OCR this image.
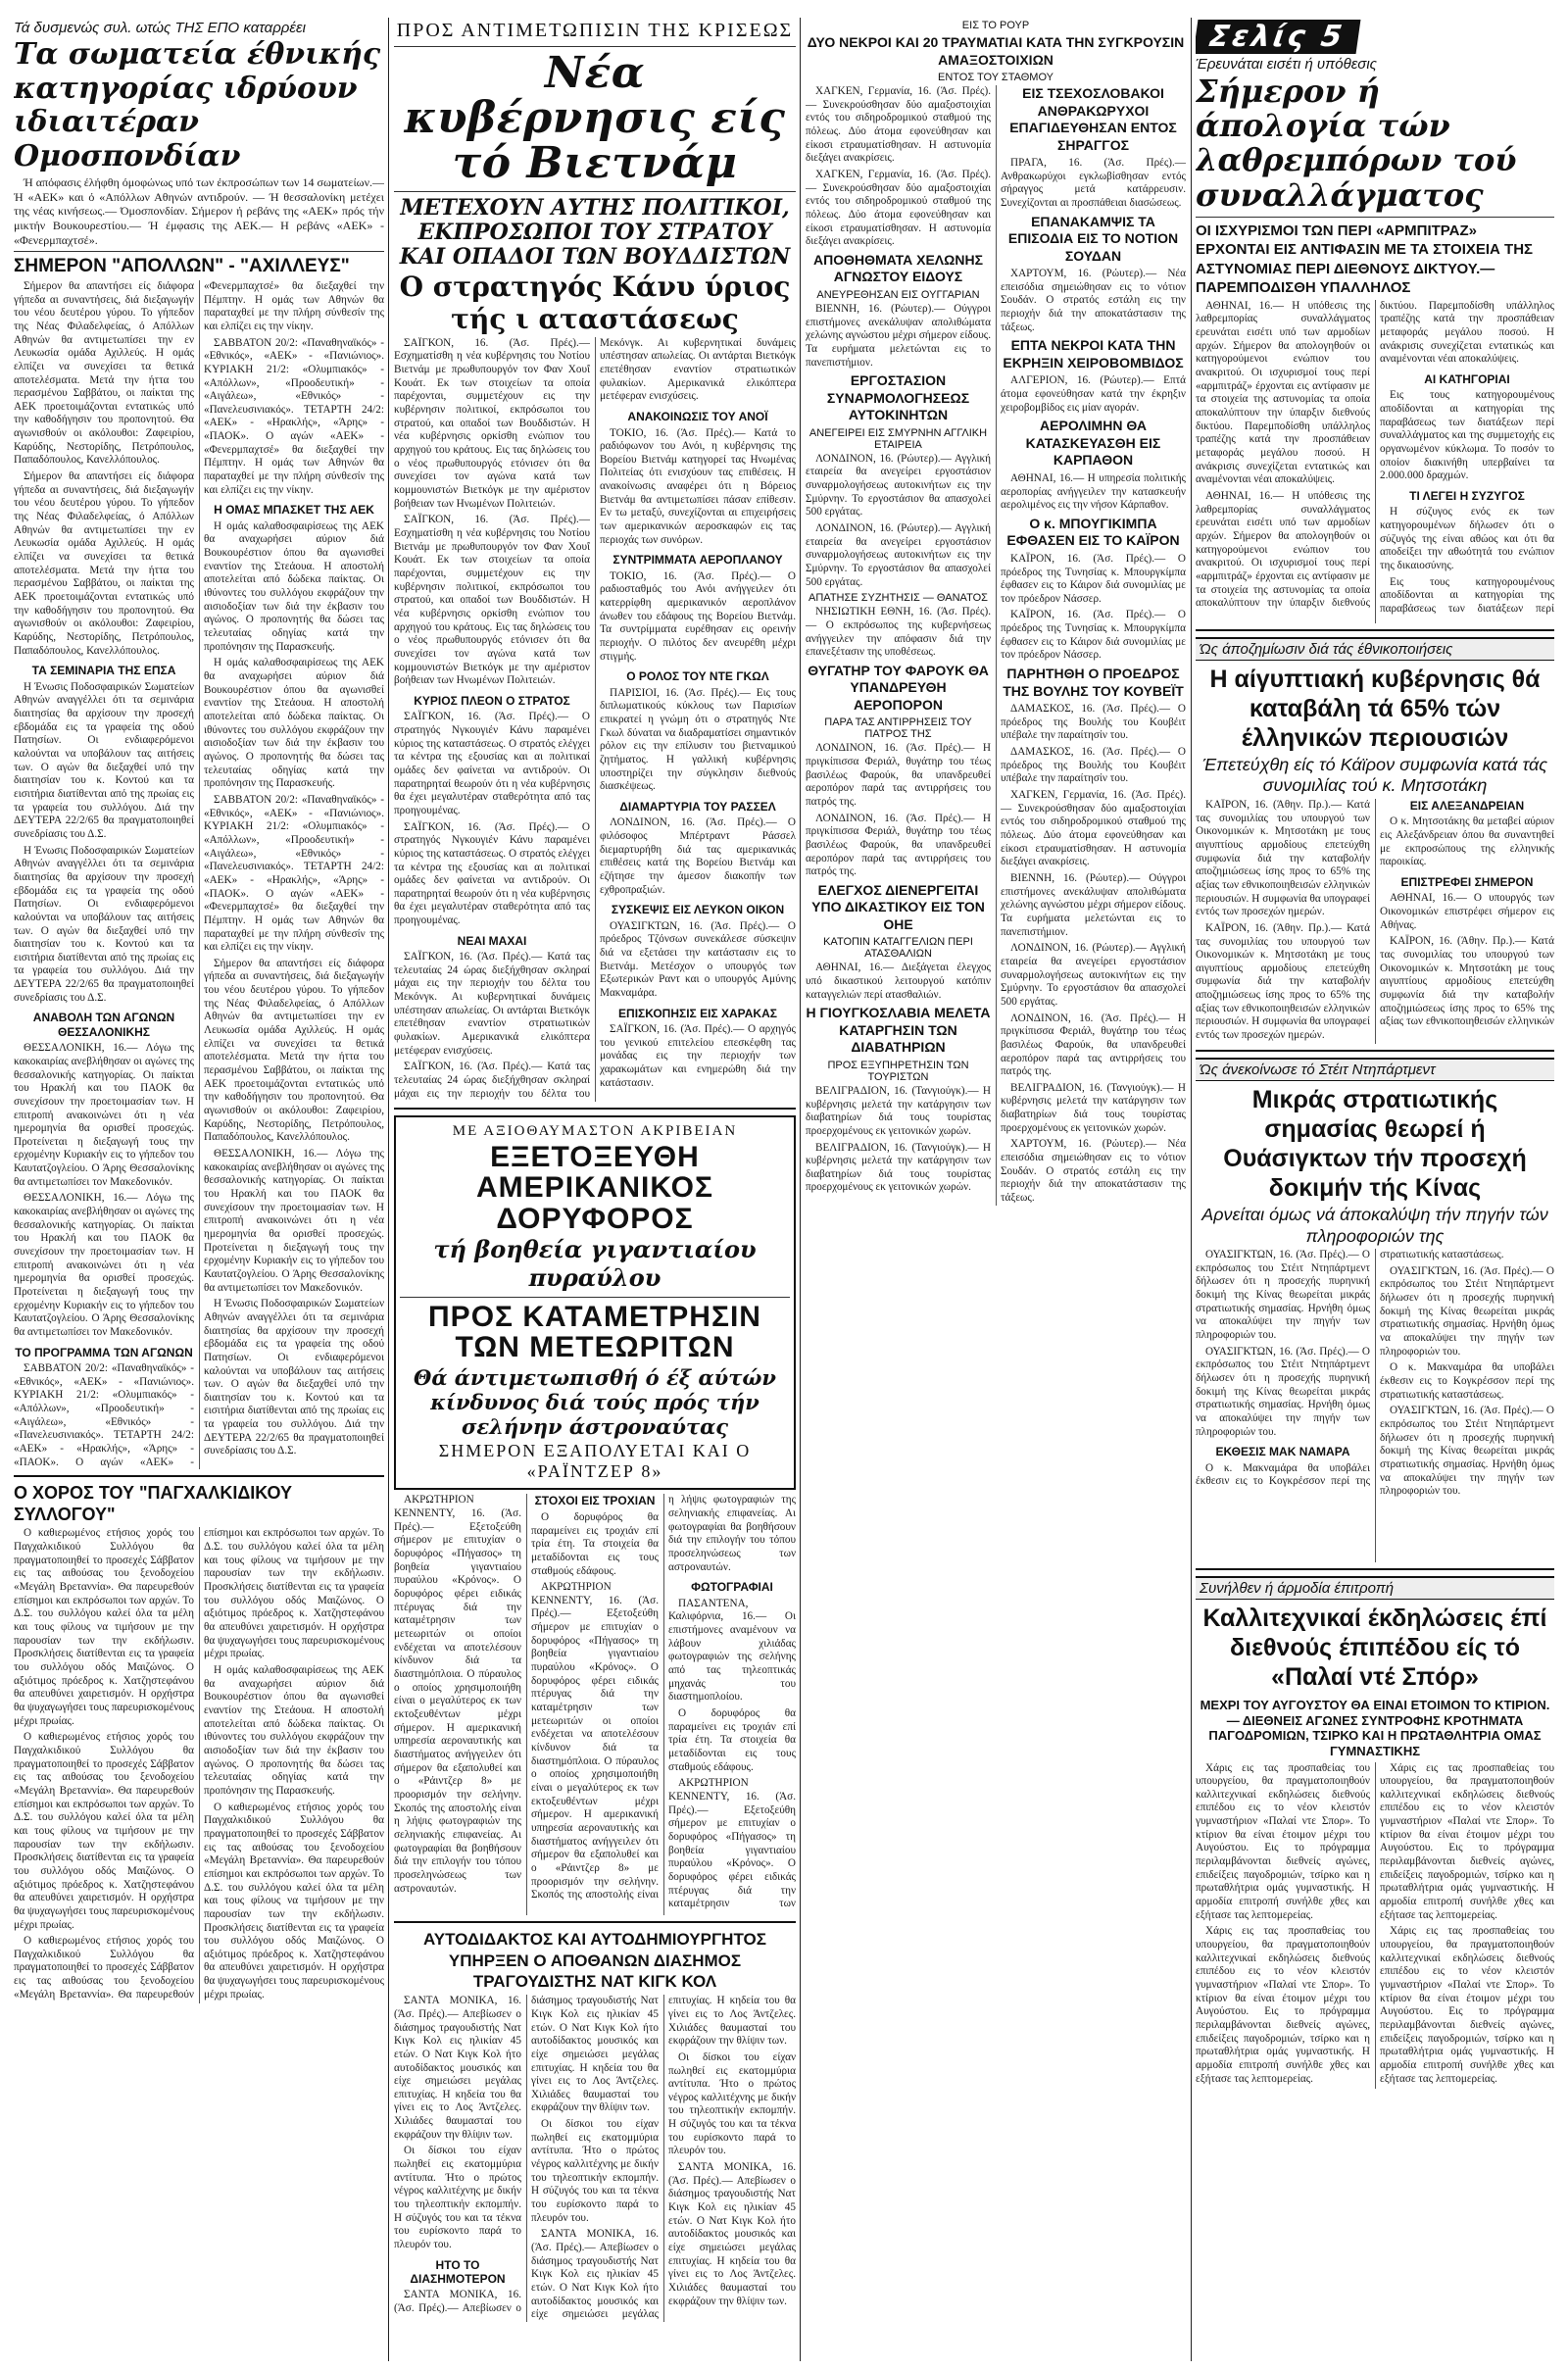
Τά δυσμενώς συλ. ωτώς ΤΗΣ ΕΠΟ καταρρέει
Τα σωματεία έθνικής κατηγορίας ιδρύουν ιδιαιτέραν Ομοσπονδίαν

Ή απόφασις έλήφθη όμοφώνως υπό των έκπροσώπων των 14 σωματείων.— Ή «ΑΕΚ» και ό «Απόλλων Αθηνών αντιδρούν. — Ή θεσσαλονίκη μετέχει της νέας κινήσεως.— Όμοσπονδίαν. Σήμερον ή ρεβάνς της «ΑΕΚ» πρός τήν μικτήν Βουκουρεστίου.— Ή έμφασις της ΑΕΚ.— Η ρεβάνς «ΑΕΚ» - «Φενερμπαχτσέ».

ΣΗΜΕΡΟΝ "ΑΠΟΛΛΩΝ" - "ΑΧΙΛΛΕΥΣ"

Σήμερον θα απαντήσει είς διάφορα γήπεδα αι συναντήσεις, διά διεξαγωγήν του νέου δευτέρου γύρου. Το γήπεδον της Νέας Φιλαδελφείας, ό Απόλλων Αθηνών θα αντιμετωπίσει την εν Λευκωσία ομάδα Αχιλλεύς. Η ομάς ελπίζει να συνεχίσει τα θετικά αποτελέσματα. Μετά την ήττα του περασμένου Σαββάτου, οι παίκται της ΑΕΚ προετοιμάζονται εντατικώς υπό την καθοδήγησιν του προπονητού. Θα αγωνισθούν οι ακόλουθοι: Ζαφειρίου, Καρύδης, Νεστορίδης, Πετρόπουλος, Παπαδόπουλος, Κανελλόπουλος.

Σήμερον θα απαντήσει είς διάφορα γήπεδα αι συναντήσεις, διά διεξαγωγήν του νέου δευτέρου γύρου. Το γήπεδον της Νέας Φιλαδελφείας, ό Απόλλων Αθηνών θα αντιμετωπίσει την εν Λευκωσία ομάδα Αχιλλεύς. Η ομάς ελπίζει να συνεχίσει τα θετικά αποτελέσματα. Μετά την ήττα του περασμένου Σαββάτου, οι παίκται της ΑΕΚ προετοιμάζονται εντατικώς υπό την καθοδήγησιν του προπονητού. Θα αγωνισθούν οι ακόλουθοι: Ζαφειρίου, Καρύδης, Νεστορίδης, Πετρόπουλος, Παπαδόπουλος, Κανελλόπουλος.

ΤΑ ΣΕΜΙΝΑΡΙΑ ΤΗΣ ΕΠΣΑ

Η Ένωσις Ποδοσφαιρικών Σωματείων Αθηνών αναγγέλλει ότι τα σεμινάρια διαιτησίας θα αρχίσουν την προσεχή εβδομάδα εις τα γραφεία της οδού Πατησίων. Οι ενδιαφερόμενοι καλούνται να υποβάλουν τας αιτήσεις των. Ο αγών θα διεξαχθεί υπό την διαιτησίαν του κ. Κοντού και τα εισιτήρια διατίθενται από της πρωίας εις τα γραφεία του συλλόγου. Διά την ΔΕΥΤΕΡΑ 22/2/65 θα πραγματοποιηθεί συνεδρίασις του Δ.Σ.

Η Ένωσις Ποδοσφαιρικών Σωματείων Αθηνών αναγγέλλει ότι τα σεμινάρια διαιτησίας θα αρχίσουν την προσεχή εβδομάδα εις τα γραφεία της οδού Πατησίων. Οι ενδιαφερόμενοι καλούνται να υποβάλουν τας αιτήσεις των. Ο αγών θα διεξαχθεί υπό την διαιτησίαν του κ. Κοντού και τα εισιτήρια διατίθενται από της πρωίας εις τα γραφεία του συλλόγου. Διά την ΔΕΥΤΕΡΑ 22/2/65 θα πραγματοποιηθεί συνεδρίασις του Δ.Σ.

ΑΝΑΒΟΛΗ ΤΩΝ ΑΓΩΝΩΝ ΘΕΣΣΑΛΟΝΙΚΗΣ

ΘΕΣΣΑΛΟΝΙΚΗ, 16.— Λόγω της κακοκαιρίας ανεβλήθησαν οι αγώνες της θεσσαλονικής κατηγορίας. Οι παίκται του Ηρακλή και του ΠΑΟΚ θα συνεχίσουν την προετοιμασίαν των. Η επιτροπή ανακοινώνει ότι η νέα ημερομηνία θα ορισθεί προσεχώς. Προτείνεται η διεξαγωγή τους την ερχομένην Κυριακήν εις το γήπεδον του Καυτατζογλείου. Ο Άρης Θεσσαλονίκης θα αντιμετωπίσει τον Μακεδονικόν.

ΘΕΣΣΑΛΟΝΙΚΗ, 16.— Λόγω της κακοκαιρίας ανεβλήθησαν οι αγώνες της θεσσαλονικής κατηγορίας. Οι παίκται του Ηρακλή και του ΠΑΟΚ θα συνεχίσουν την προετοιμασίαν των. Η επιτροπή ανακοινώνει ότι η νέα ημερομηνία θα ορισθεί προσεχώς. Προτείνεται η διεξαγωγή τους την ερχομένην Κυριακήν εις το γήπεδον του Καυτατζογλείου. Ο Άρης Θεσσαλονίκης θα αντιμετωπίσει τον Μακεδονικόν.

ΤΟ ΠΡΟΓΡΑΜΜΑ ΤΩΝ ΑΓΩΝΩΝ

ΣΑΒΒΑΤΟΝ 20/2: «Παναθηναϊκός» - «Εθνικός», «ΑΕΚ» - «Πανιώνιος». ΚΥΡΙΑΚΗ 21/2: «Ολυμπιακός» - «Απόλλων», «Προοδευτική» - «Αιγάλεω», «Εθνικός» - «Πανελευσινιακός». ΤΕΤΑΡΤΗ 24/2: «ΑΕΚ» - «Ηρακλής», «Άρης» - «ΠΑΟΚ». Ο αγών «ΑΕΚ» - «Φενερμπαχτσέ» θα διεξαχθεί την Πέμπτην. Η ομάς των Αθηνών θα παραταχθεί με την πλήρη σύνθεσίν της και ελπίζει εις την νίκην.

ΣΑΒΒΑΤΟΝ 20/2: «Παναθηναϊκός» - «Εθνικός», «ΑΕΚ» - «Πανιώνιος». ΚΥΡΙΑΚΗ 21/2: «Ολυμπιακός» - «Απόλλων», «Προοδευτική» - «Αιγάλεω», «Εθνικός» - «Πανελευσινιακός». ΤΕΤΑΡΤΗ 24/2: «ΑΕΚ» - «Ηρακλής», «Άρης» - «ΠΑΟΚ». Ο αγών «ΑΕΚ» - «Φενερμπαχτσέ» θα διεξαχθεί την Πέμπτην. Η ομάς των Αθηνών θα παραταχθεί με την πλήρη σύνθεσίν της και ελπίζει εις την νίκην.

Η ΟΜΑΣ ΜΠΑΣΚΕΤ ΤΗΣ ΑΕΚ

Η ομάς καλαθοσφαιρίσεως της ΑΕΚ θα αναχωρήσει αύριον διά Βουκουρέστιον όπου θα αγωνισθεί εναντίον της Στεάουα. Η αποστολή αποτελείται από δώδεκα παίκτας. Οι ιθύνοντες του συλλόγου εκφράζουν την αισιοδοξίαν των διά την έκβασιν του αγώνος. Ο προπονητής θα δώσει τας τελευταίας οδηγίας κατά την προπόνησιν της Παρασκευής.

Η ομάς καλαθοσφαιρίσεως της ΑΕΚ θα αναχωρήσει αύριον διά Βουκουρέστιον όπου θα αγωνισθεί εναντίον της Στεάουα. Η αποστολή αποτελείται από δώδεκα παίκτας. Οι ιθύνοντες του συλλόγου εκφράζουν την αισιοδοξίαν των διά την έκβασιν του αγώνος. Ο προπονητής θα δώσει τας τελευταίας οδηγίας κατά την προπόνησιν της Παρασκευής.

ΣΑΒΒΑΤΟΝ 20/2: «Παναθηναϊκός» - «Εθνικός», «ΑΕΚ» - «Πανιώνιος». ΚΥΡΙΑΚΗ 21/2: «Ολυμπιακός» - «Απόλλων», «Προοδευτική» - «Αιγάλεω», «Εθνικός» - «Πανελευσινιακός». ΤΕΤΑΡΤΗ 24/2: «ΑΕΚ» - «Ηρακλής», «Άρης» - «ΠΑΟΚ». Ο αγών «ΑΕΚ» - «Φενερμπαχτσέ» θα διεξαχθεί την Πέμπτην. Η ομάς των Αθηνών θα παραταχθεί με την πλήρη σύνθεσίν της και ελπίζει εις την νίκην.

Σήμερον θα απαντήσει είς διάφορα γήπεδα αι συναντήσεις, διά διεξαγωγήν του νέου δευτέρου γύρου. Το γήπεδον της Νέας Φιλαδελφείας, ό Απόλλων Αθηνών θα αντιμετωπίσει την εν Λευκωσία ομάδα Αχιλλεύς. Η ομάς ελπίζει να συνεχίσει τα θετικά αποτελέσματα. Μετά την ήττα του περασμένου Σαββάτου, οι παίκται της ΑΕΚ προετοιμάζονται εντατικώς υπό την καθοδήγησιν του προπονητού. Θα αγωνισθούν οι ακόλουθοι: Ζαφειρίου, Καρύδης, Νεστορίδης, Πετρόπουλος, Παπαδόπουλος, Κανελλόπουλος.

ΘΕΣΣΑΛΟΝΙΚΗ, 16.— Λόγω της κακοκαιρίας ανεβλήθησαν οι αγώνες της θεσσαλονικής κατηγορίας. Οι παίκται του Ηρακλή και του ΠΑΟΚ θα συνεχίσουν την προετοιμασίαν των. Η επιτροπή ανακοινώνει ότι η νέα ημερομηνία θα ορισθεί προσεχώς. Προτείνεται η διεξαγωγή τους την ερχομένην Κυριακήν εις το γήπεδον του Καυτατζογλείου. Ο Άρης Θεσσαλονίκης θα αντιμετωπίσει τον Μακεδονικόν.

Η Ένωσις Ποδοσφαιρικών Σωματείων Αθηνών αναγγέλλει ότι τα σεμινάρια διαιτησίας θα αρχίσουν την προσεχή εβδομάδα εις τα γραφεία της οδού Πατησίων. Οι ενδιαφερόμενοι καλούνται να υποβάλουν τας αιτήσεις των. Ο αγών θα διεξαχθεί υπό την διαιτησίαν του κ. Κοντού και τα εισιτήρια διατίθενται από της πρωίας εις τα γραφεία του συλλόγου. Διά την ΔΕΥΤΕΡΑ 22/2/65 θα πραγματοποιηθεί συνεδρίασις του Δ.Σ.

Ο ΧΟΡΟΣ ΤΟΥ "ΠΑΓΧΑΛΚΙΔΙΚΟΥ ΣΥΛΛΟΓΟΥ"

Ο καθιερωμένος ετήσιος χορός του Παγχαλκιδικού Συλλόγου θα πραγματοποιηθεί το προσεχές Σάββατον εις τας αιθούσας του ξενοδοχείου «Μεγάλη Βρεταννία». Θα παρευρεθούν επίσημοι και εκπρόσωποι των αρχών. Το Δ.Σ. του συλλόγου καλεί όλα τα μέλη και τους φίλους να τιμήσουν με την παρουσίαν των την εκδήλωσιν. Προσκλήσεις διατίθενται εις τα γραφεία του συλλόγου οδός Μαιζώνος. Ο αξιότιμος πρόεδρος κ. Χατζηστεφάνου θα απευθύνει χαιρετισμόν. Η ορχήστρα θα ψυχαγωγήσει τους παρευρισκομένους μέχρι πρωίας.

Ο καθιερωμένος ετήσιος χορός του Παγχαλκιδικού Συλλόγου θα πραγματοποιηθεί το προσεχές Σάββατον εις τας αιθούσας του ξενοδοχείου «Μεγάλη Βρεταννία». Θα παρευρεθούν επίσημοι και εκπρόσωποι των αρχών. Το Δ.Σ. του συλλόγου καλεί όλα τα μέλη και τους φίλους να τιμήσουν με την παρουσίαν των την εκδήλωσιν. Προσκλήσεις διατίθενται εις τα γραφεία του συλλόγου οδός Μαιζώνος. Ο αξιότιμος πρόεδρος κ. Χατζηστεφάνου θα απευθύνει χαιρετισμόν. Η ορχήστρα θα ψυχαγωγήσει τους παρευρισκομένους μέχρι πρωίας.

Ο καθιερωμένος ετήσιος χορός του Παγχαλκιδικού Συλλόγου θα πραγματοποιηθεί το προσεχές Σάββατον εις τας αιθούσας του ξενοδοχείου «Μεγάλη Βρεταννία». Θα παρευρεθούν επίσημοι και εκπρόσωποι των αρχών. Το Δ.Σ. του συλλόγου καλεί όλα τα μέλη και τους φίλους να τιμήσουν με την παρουσίαν των την εκδήλωσιν. Προσκλήσεις διατίθενται εις τα γραφεία του συλλόγου οδός Μαιζώνος. Ο αξιότιμος πρόεδρος κ. Χατζηστεφάνου θα απευθύνει χαιρετισμόν. Η ορχήστρα θα ψυχαγωγήσει τους παρευρισκομένους μέχρι πρωίας.

Η ομάς καλαθοσφαιρίσεως της ΑΕΚ θα αναχωρήσει αύριον διά Βουκουρέστιον όπου θα αγωνισθεί εναντίον της Στεάουα. Η αποστολή αποτελείται από δώδεκα παίκτας. Οι ιθύνοντες του συλλόγου εκφράζουν την αισιοδοξίαν των διά την έκβασιν του αγώνος. Ο προπονητής θα δώσει τας τελευταίας οδηγίας κατά την προπόνησιν της Παρασκευής.

Ο καθιερωμένος ετήσιος χορός του Παγχαλκιδικού Συλλόγου θα πραγματοποιηθεί το προσεχές Σάββατον εις τας αιθούσας του ξενοδοχείου «Μεγάλη Βρεταννία». Θα παρευρεθούν επίσημοι και εκπρόσωποι των αρχών. Το Δ.Σ. του συλλόγου καλεί όλα τα μέλη και τους φίλους να τιμήσουν με την παρουσίαν των την εκδήλωσιν. Προσκλήσεις διατίθενται εις τα γραφεία του συλλόγου οδός Μαιζώνος. Ο αξιότιμος πρόεδρος κ. Χατζηστεφάνου θα απευθύνει χαιρετισμόν. Η ορχήστρα θα ψυχαγωγήσει τους παρευρισκομένους μέχρι πρωίας.

ΠΡΟΣ ΑΝΤΙΜΕΤΩΠΙΣΙΝ ΤΗΣ ΚΡΙΣΕΩΣ
Νέα κυβέρνησις είς τό Βιετνάμ
ΜΕΤΕΧΟΥΝ ΑΥΤΗΣ ΠΟΛΙΤΙΚΟΙ, ΕΚΠΡΟΣΩΠΟΙ ΤΟΥ ΣΤΡΑΤΟΥ ΚΑΙ ΟΠΑΔΟΙ ΤΩΝ ΒΟΥΔΔΙΣΤΩΝ
Ο στρατηγός Κάνυ ύριος τής ι αταστάσεως

ΣΑΪΓΚΟΝ, 16. (Άσ. Πρές).— Εσχηματίσθη η νέα κυβέρνησις του Νοτίου Βιετνάμ με πρωθυπουργόν τον Φαν Χουΐ Κουάτ. Εκ των στοιχείων τα οποία παρέχονται, συμμετέχουν εις την κυβέρνησιν πολιτικοί, εκπρόσωποι του στρατού, και οπαδοί των Βουδδιστών. Η νέα κυβέρνησις ορκίσθη ενώπιον του αρχηγού του κράτους. Εις τας δηλώσεις του ο νέος πρωθυπουργός ετόνισεν ότι θα συνεχίσει τον αγώνα κατά των κομμουνιστών Βιετκόγκ με την αμέριστον βοήθειαν των Ηνωμένων Πολιτειών.

ΣΑΪΓΚΟΝ, 16. (Άσ. Πρές).— Εσχηματίσθη η νέα κυβέρνησις του Νοτίου Βιετνάμ με πρωθυπουργόν τον Φαν Χουΐ Κουάτ. Εκ των στοιχείων τα οποία παρέχονται, συμμετέχουν εις την κυβέρνησιν πολιτικοί, εκπρόσωποι του στρατού, και οπαδοί των Βουδδιστών. Η νέα κυβέρνησις ορκίσθη ενώπιον του αρχηγού του κράτους. Εις τας δηλώσεις του ο νέος πρωθυπουργός ετόνισεν ότι θα συνεχίσει τον αγώνα κατά των κομμουνιστών Βιετκόγκ με την αμέριστον βοήθειαν των Ηνωμένων Πολιτειών.

ΚΥΡΙΟΣ ΠΛΕΟΝ Ο ΣΤΡΑΤΟΣ

ΣΑΪΓΚΟΝ, 16. (Άσ. Πρές).— Ο στρατηγός Νγκουγιέν Κάνυ παραμένει κύριος της καταστάσεως. Ο στρατός ελέγχει τα κέντρα της εξουσίας και αι πολιτικαί ομάδες δεν φαίνεται να αντιδρούν. Οι παρατηρηταί θεωρούν ότι η νέα κυβέρνησις θα έχει μεγαλυτέραν σταθερότητα από τας προηγουμένας.

ΣΑΪΓΚΟΝ, 16. (Άσ. Πρές).— Ο στρατηγός Νγκουγιέν Κάνυ παραμένει κύριος της καταστάσεως. Ο στρατός ελέγχει τα κέντρα της εξουσίας και αι πολιτικαί ομάδες δεν φαίνεται να αντιδρούν. Οι παρατηρηταί θεωρούν ότι η νέα κυβέρνησις θα έχει μεγαλυτέραν σταθερότητα από τας προηγουμένας.

ΝΕΑΙ ΜΑΧΑΙ

ΣΑΪΓΚΟΝ, 16. (Άσ. Πρές).— Κατά τας τελευταίας 24 ώρας διεξήχθησαν σκληραί μάχαι εις την περιοχήν του δέλτα του Μεκόνγκ. Αι κυβερνητικαί δυνάμεις υπέστησαν απωλείας. Οι αντάρται Βιετκόγκ επετέθησαν εναντίον στρατιωτικών φυλακίων. Αμερικανικά ελικόπτερα μετέφεραν ενισχύσεις.

ΣΑΪΓΚΟΝ, 16. (Άσ. Πρές).— Κατά τας τελευταίας 24 ώρας διεξήχθησαν σκληραί μάχαι εις την περιοχήν του δέλτα του Μεκόνγκ. Αι κυβερνητικαί δυνάμεις υπέστησαν απωλείας. Οι αντάρται Βιετκόγκ επετέθησαν εναντίον στρατιωτικών φυλακίων. Αμερικανικά ελικόπτερα μετέφεραν ενισχύσεις.

ΑΝΑΚΟΙΝΩΣΙΣ ΤΟΥ ΑΝΟΪ

ΤΟΚΙΟ, 16. (Άσ. Πρές).— Κατά το ραδιόφωνον του Ανόι, η κυβέρνησις της Βορείου Βιετνάμ κατηγορεί τας Ηνωμένας Πολιτείας ότι ενισχύουν τας επιθέσεις. Η ανακοίνωσις αναφέρει ότι η Βόρειος Βιετνάμ θα αντιμετωπίσει πάσαν επίθεσιν. Εν τω μεταξύ, συνεχίζονται αι επιχειρήσεις των αμερικανικών αεροσκαφών εις τας περιοχάς των συνόρων.

ΣΥΝΤΡΙΜΜΑΤΑ ΑΕΡΟΠΛΑΝΟΥ

ΤΟΚΙΟ, 16. (Άσ. Πρές).— Ο ραδιοσταθμός του Ανόι ανήγγειλεν ότι κατερρίφθη αμερικανικόν αεροπλάνον άνωθεν του εδάφους της Βορείου Βιετνάμ. Τα συντρίμματα ευρέθησαν εις ορεινήν περιοχήν. Ο πιλότος δεν ανευρέθη μέχρι στιγμής.

Ο ΡΟΛΟΣ ΤΟΥ ΝΤΕ ΓΚΩΛ

ΠΑΡΙΣΙΟΙ, 16. (Άσ. Πρές).— Εις τους διπλωματικούς κύκλους των Παρισίων επικρατεί η γνώμη ότι ο στρατηγός Ντε Γκωλ δύναται να διαδραματίσει σημαντικόν ρόλον εις την επίλυσιν του βιετναμικού ζητήματος. Η γαλλική κυβέρνησις υποστηρίζει την σύγκλησιν διεθνούς διασκέψεως.

ΔΙΑΜΑΡΤΥΡΙΑ ΤΟΥ ΡΑΣΣΕΛ

ΛΟΝΔΙΝΟΝ, 16. (Άσ. Πρές).— Ο φιλόσοφος Μπέρτραντ Ράσσελ διεμαρτυρήθη διά τας αμερικανικάς επιθέσεις κατά της Βορείου Βιετνάμ και εζήτησε την άμεσον διακοπήν των εχθροπραξιών.

ΣΥΣΚΕΨΙΣ ΕΙΣ ΛΕΥΚΟΝ ΟΙΚΟΝ

ΟΥΑΣΙΓΚΤΩΝ, 16. (Άσ. Πρές).— Ο πρόεδρος Τζόνσων συνεκάλεσε σύσκεψιν διά να εξετάσει την κατάστασιν εις το Βιετνάμ. Μετέσχον ο υπουργός των Εξωτερικών Ραντ και ο υπουργός Αμύνης Μακναμάρα.

ΕΠΙΣΚΟΠΗΣΙΣ ΕΙΣ ΧΑΡΑΚΑΣ

ΣΑΪΓΚΟΝ, 16. (Άσ. Πρές).— Ο αρχηγός του γενικού επιτελείου επεσκέφθη τας μονάδας εις την περιοχήν των χαρακωμάτων και ενημερώθη διά την κατάστασιν.

ΜΕ ΑΞΙΟΘΑΥΜΑΣΤΟΝ ΑΚΡΙΒΕΙΑΝ
ΕΞΕΤΟΞΕΥΘΗ ΑΜΕΡΙΚΑΝΙΚΟΣ ΔΟΡΥΦΟΡΟΣ
τή βοηθεία γιγαντιαίου πυραύλου
ΠΡΟΣ ΚΑΤΑΜΕΤΡΗΣΙΝ ΤΩΝ ΜΕΤΕΩΡΙΤΩΝ
Θά άντιμετωπισθή ό έξ αύτών κίνδυνος διά τούς πρός τήν σελήνην άστροναύτας
ΣΗΜΕΡΟΝ ΕΞΑΠΟΛΥΕΤΑΙ ΚΑΙ Ο «ΡΑΪΝΤΖΕΡ 8»

ΑΚΡΩΤΗΡΙΟΝ ΚΕΝΝΕΝΤΥ, 16. (Άσ. Πρές).— Εξετοξεύθη σήμερον με επιτυχίαν ο δορυφόρος «Πήγασος» τη βοηθεία γιγαντιαίου πυραύλου «Κρόνος». Ο δορυφόρος φέρει ειδικάς πτέρυγας διά την καταμέτρησιν των μετεωριτών οι οποίοι ενδέχεται να αποτελέσουν κίνδυνον διά τα διαστημόπλοια. Ο πύραυλος ο οποίος χρησιμοποιήθη είναι ο μεγαλύτερος εκ των εκτοξευθέντων μέχρι σήμερον. Η αμερικανική υπηρεσία αεροναυτικής και διαστήματος ανήγγειλεν ότι σήμερον θα εξαπολυθεί και ο «Ράιντζερ 8» με προορισμόν την σελήνην. Σκοπός της αποστολής είναι η λήψις φωτογραφιών της σεληνιακής επιφανείας. Αι φωτογραφίαι θα βοηθήσουν διά την επιλογήν του τόπου προσεληνώσεως των αστροναυτών.

ΣΤΟΧΟΙ ΕΙΣ ΤΡΟΧΙΑΝ

Ο δορυφόρος θα παραμείνει εις τροχιάν επί τρία έτη. Τα στοιχεία θα μεταδίδονται εις τους σταθμούς εδάφους.

ΑΚΡΩΤΗΡΙΟΝ ΚΕΝΝΕΝΤΥ, 16. (Άσ. Πρές).— Εξετοξεύθη σήμερον με επιτυχίαν ο δορυφόρος «Πήγασος» τη βοηθεία γιγαντιαίου πυραύλου «Κρόνος». Ο δορυφόρος φέρει ειδικάς πτέρυγας διά την καταμέτρησιν των μετεωριτών οι οποίοι ενδέχεται να αποτελέσουν κίνδυνον διά τα διαστημόπλοια. Ο πύραυλος ο οποίος χρησιμοποιήθη είναι ο μεγαλύτερος εκ των εκτοξευθέντων μέχρι σήμερον. Η αμερικανική υπηρεσία αεροναυτικής και διαστήματος ανήγγειλεν ότι σήμερον θα εξαπολυθεί και ο «Ράιντζερ 8» με προορισμόν την σελήνην. Σκοπός της αποστολής είναι η λήψις φωτογραφιών της σεληνιακής επιφανείας. Αι φωτογραφίαι θα βοηθήσουν διά την επιλογήν του τόπου προσεληνώσεως των αστροναυτών.

ΦΩΤΟΓΡΑΦΙΑΙ

ΠΑΣΑΝΤΕΝΑ, Καλιφόρνια, 16.— Οι επιστήμονες αναμένουν να λάβουν χιλιάδας φωτογραφιών της σελήνης από τας τηλεοπτικάς μηχανάς του διαστημοπλοίου.

Ο δορυφόρος θα παραμείνει εις τροχιάν επί τρία έτη. Τα στοιχεία θα μεταδίδονται εις τους σταθμούς εδάφους.

ΑΚΡΩΤΗΡΙΟΝ ΚΕΝΝΕΝΤΥ, 16. (Άσ. Πρές).— Εξετοξεύθη σήμερον με επιτυχίαν ο δορυφόρος «Πήγασος» τη βοηθεία γιγαντιαίου πυραύλου «Κρόνος». Ο δορυφόρος φέρει ειδικάς πτέρυγας διά την καταμέτρησιν των

ΑΥΤΟΔΙΔΑΚΤΟΣ ΚΑΙ ΑΥΤΟΔΗΜΙΟΥΡΓΗΤΟΣ ΥΠΗΡΞΕΝ Ο ΑΠΟΘΑΝΩΝ ΔΙΑΣΗΜΟΣ ΤΡΑΓΟΥΔΙΣΤΗΣ ΝΑΤ ΚΙΓΚ ΚΟΛ

ΣΑΝΤΑ ΜΟΝΙΚΑ, 16. (Άσ. Πρές).— Απεβίωσεν ο διάσημος τραγουδιστής Νατ Κιγκ Κολ εις ηλικίαν 45 ετών. Ο Νατ Κιγκ Κολ ήτο αυτοδίδακτος μουσικός και είχε σημειώσει μεγάλας επιτυχίας. Η κηδεία του θα γίνει εις το Λος Άντζελες. Χιλιάδες θαυμασταί του εκφράζουν την θλίψιν των.

Οι δίσκοι του είχαν πωληθεί εις εκατομμύρια αντίτυπα. Ήτο ο πρώτος νέγρος καλλιτέχνης με δικήν του τηλεοπτικήν εκπομπήν. Η σύζυγός του και τα τέκνα του ευρίσκοντο παρά το πλευρόν του.

ΗΤΟ ΤΟ ΔΙΑΣΗΜΟΤΕΡΟΝ

ΣΑΝΤΑ ΜΟΝΙΚΑ, 16. (Άσ. Πρές).— Απεβίωσεν ο διάσημος τραγουδιστής Νατ Κιγκ Κολ εις ηλικίαν 45 ετών. Ο Νατ Κιγκ Κολ ήτο αυτοδίδακτος μουσικός και είχε σημειώσει μεγάλας επιτυχίας. Η κηδεία του θα γίνει εις το Λος Άντζελες. Χιλιάδες θαυμασταί του εκφράζουν την θλίψιν των.

Οι δίσκοι του είχαν πωληθεί εις εκατομμύρια αντίτυπα. Ήτο ο πρώτος νέγρος καλλιτέχνης με δικήν του τηλεοπτικήν εκπομπήν. Η σύζυγός του και τα τέκνα του ευρίσκοντο παρά το πλευρόν του.

ΣΑΝΤΑ ΜΟΝΙΚΑ, 16. (Άσ. Πρές).— Απεβίωσεν ο διάσημος τραγουδιστής Νατ Κιγκ Κολ εις ηλικίαν 45 ετών. Ο Νατ Κιγκ Κολ ήτο αυτοδίδακτος μουσικός και είχε σημειώσει μεγάλας επιτυχίας. Η κηδεία του θα γίνει εις το Λος Άντζελες. Χιλιάδες θαυμασταί του εκφράζουν την θλίψιν των.

Οι δίσκοι του είχαν πωληθεί εις εκατομμύρια αντίτυπα. Ήτο ο πρώτος νέγρος καλλιτέχνης με δικήν του τηλεοπτικήν εκπομπήν. Η σύζυγός του και τα τέκνα του ευρίσκοντο παρά το πλευρόν του.

ΣΑΝΤΑ ΜΟΝΙΚΑ, 16. (Άσ. Πρές).— Απεβίωσεν ο διάσημος τραγουδιστής Νατ Κιγκ Κολ εις ηλικίαν 45 ετών. Ο Νατ Κιγκ Κολ ήτο αυτοδίδακτος μουσικός και είχε σημειώσει μεγάλας επιτυχίας. Η κηδεία του θα γίνει εις το Λος Άντζελες. Χιλιάδες θαυμασταί του εκφράζουν την θλίψιν των.

ΕΙΣ ΤΟ ΡΟΥΡ
ΔΥΟ ΝΕΚΡΟΙ ΚΑΙ 20 ΤΡΑΥΜΑΤΙΑΙ ΚΑΤΑ ΤΗΝ ΣΥΓΚΡΟΥΣΙΝ ΑΜΑΞΟΣΤΟΙΧΙΩΝ
ΕΝΤΟΣ ΤΟΥ ΣΤΑΘΜΟΥ

ΧΑΓΚΕΝ, Γερμανία, 16. (Άσ. Πρές).— Συνεκρούσθησαν δύο αμαξοστοιχίαι εντός του σιδηροδρομικού σταθμού της πόλεως. Δύο άτομα εφονεύθησαν και είκοσι ετραυματίσθησαν. Η αστυνομία διεξάγει ανακρίσεις.

ΧΑΓΚΕΝ, Γερμανία, 16. (Άσ. Πρές).— Συνεκρούσθησαν δύο αμαξοστοιχίαι εντός του σιδηροδρομικού σταθμού της πόλεως. Δύο άτομα εφονεύθησαν και είκοσι ετραυματίσθησαν. Η αστυνομία διεξάγει ανακρίσεις.

ΑΠΟΘΗΘΜΑΤΑ ΧΕΛΩΝΗΣ ΑΓΝΩΣΤΟΥ ΕΙΔΟΥΣ
ΑΝΕΥΡΕΘΗΣΑΝ ΕΙΣ ΟΥΓΓΑΡΙΑΝ

ΒΙΕΝΝΗ, 16. (Ρώυτερ).— Ούγγροι επιστήμονες ανεκάλυψαν απολιθώματα χελώνης αγνώστου μέχρι σήμερον είδους. Τα ευρήματα μελετώνται εις το πανεπιστήμιον.

ΕΡΓΟΣΤΑΣΙΟΝ ΣΥΝΑΡΜΟΛΟΓΗΣΕΩΣ ΑΥΤΟΚΙΝΗΤΩΝ
ΑΝΕΓΕΙΡΕΙ ΕΙΣ ΣΜΥΡΝΗΝ ΑΓΓΛΙΚΗ ΕΤΑΙΡΕΙΑ

ΛΟΝΔΙΝΟΝ, 16. (Ρώυτερ).— Αγγλική εταιρεία θα ανεγείρει εργοστάσιον συναρμολογήσεως αυτοκινήτων εις την Σμύρνην. Το εργοστάσιον θα απασχολεί 500 εργάτας.

ΛΟΝΔΙΝΟΝ, 16. (Ρώυτερ).— Αγγλική εταιρεία θα ανεγείρει εργοστάσιον συναρμολογήσεως αυτοκινήτων εις την Σμύρνην. Το εργοστάσιον θα απασχολεί 500 εργάτας.

ΑΠΑΤΗΣΕ ΣΥΖΗΤΗΣΙΣ — ΘΑΝΑΤΟΣ

ΝΗΣΙΩΤΙΚΗ ΕΘΝΗ, 16. (Άσ. Πρές).— Ο εκπρόσωπος της κυβερνήσεως ανήγγειλεν την απόφασιν διά την επανεξέτασιν της υποθέσεως.

ΘΥΓΑΤΗΡ ΤΟΥ ΦΑΡΟΥΚ ΘΑ ΥΠΑΝΔΡΕΥΘΗ ΑΕΡΟΠΟΡΟΝ
ΠΑΡΑ ΤΑΣ ΑΝΤΙΡΡΗΣΕΙΣ ΤΟΥ ΠΑΤΡΟΣ ΤΗΣ

ΛΟΝΔΙΝΟΝ, 16. (Άσ. Πρές).— Η πριγκίπισσα Φεριάλ, θυγάτηρ του τέως βασιλέως Φαρούκ, θα υπανδρευθεί αεροπόρον παρά τας αντιρρήσεις του πατρός της.

ΛΟΝΔΙΝΟΝ, 16. (Άσ. Πρές).— Η πριγκίπισσα Φεριάλ, θυγάτηρ του τέως βασιλέως Φαρούκ, θα υπανδρευθεί αεροπόρον παρά τας αντιρρήσεις του πατρός της.

ΕΛΕΓΧΟΣ ΔΙΕΝΕΡΓΕΙΤΑΙ ΥΠΟ ΔΙΚΑΣΤΙΚΟΥ ΕΙΣ ΤΟΝ ΟΗΕ
ΚΑΤΟΠΙΝ ΚΑΤΑΓΓΕΛΙΩΝ ΠΕΡΙ ΑΤΑΣΘΑΛΙΩΝ

ΑΘΗΝΑΙ, 16.— Διεξάγεται έλεγχος υπό δικαστικού λειτουργού κατόπιν καταγγελιών περί ατασθαλιών.

Η ΓΙΟΥΓΚΟΣΛΑΒΙΑ ΜΕΛΕΤΑ ΚΑΤΑΡΓΗΣΙΝ ΤΩΝ ΔΙΑΒΑΤΗΡΙΩΝ
ΠΡΟΣ ΕΞΥΠΗΡΕΤΗΣΙΝ ΤΩΝ ΤΟΥΡΙΣΤΩΝ

ΒΕΛΙΓΡΑΔΙΟΝ, 16. (Τανγιούγκ).— Η κυβέρνησις μελετά την κατάργησιν των διαβατηρίων διά τους τουρίστας προερχομένους εκ γειτονικών χωρών.

ΒΕΛΙΓΡΑΔΙΟΝ, 16. (Τανγιούγκ).— Η κυβέρνησις μελετά την κατάργησιν των διαβατηρίων διά τους τουρίστας προερχομένους εκ γειτονικών χωρών.

ΕΙΣ ΤΣΕΧΟΣΛΟΒΑΚΟΙ ΑΝΘΡΑΚΩΡΥΧΟΙ ΕΠΑΓΙΔΕΥΘΗΣΑΝ ΕΝΤΟΣ ΣΗΡΑΓΓΟΣ

ΠΡΑΓΑ, 16. (Άσ. Πρές).— Ανθρακωρύχοι εγκλωβίσθησαν εντός σήραγγος μετά κατάρρευσιν. Συνεχίζονται αι προσπάθειαι διασώσεως.

ΕΠΑΝΑΚΑΜΨΙΣ ΤΑ ΕΠΙΣΟΔΙΑ ΕΙΣ ΤΟ ΝΟΤΙΟΝ ΣΟΥΔΑΝ

ΧΑΡΤΟΥΜ, 16. (Ρώυτερ).— Νέα επεισόδια σημειώθησαν εις το νότιον Σουδάν. Ο στρατός εστάλη εις την περιοχήν διά την αποκατάστασιν της τάξεως.

ΕΠΤΑ ΝΕΚΡΟΙ ΚΑΤΑ ΤΗΝ ΕΚΡΗΞΙΝ ΧΕΙΡΟΒΟΜΒΙΔΟΣ

ΑΛΓΕΡΙΟΝ, 16. (Ρώυτερ).— Επτά άτομα εφονεύθησαν κατά την έκρηξιν χειροβομβίδος εις μίαν αγοράν.

ΑΕΡΟΛΙΜΗΝ ΘΑ ΚΑΤΑΣΚΕΥΑΣΘΗ ΕΙΣ ΚΑΡΠΑΘΟΝ

ΑΘΗΝΑΙ, 16.— Η υπηρεσία πολιτικής αεροπορίας ανήγγειλεν την κατασκευήν αερολιμένος εις την νήσον Κάρπαθον.

Ο κ. ΜΠΟΥΓΙΚΙΜΠΑ ΕΦΘΑΣΕΝ ΕΙΣ ΤΟ ΚΑΪΡΟΝ

ΚΑΪΡΟΝ, 16. (Άσ. Πρές).— Ο πρόεδρος της Τυνησίας κ. Μπουργκίμπα έφθασεν εις το Κάιρον διά συνομιλίας με τον πρόεδρον Νάσσερ.

ΚΑΪΡΟΝ, 16. (Άσ. Πρές).— Ο πρόεδρος της Τυνησίας κ. Μπουργκίμπα έφθασεν εις το Κάιρον διά συνομιλίας με τον πρόεδρον Νάσσερ.

ΠΑΡΗΤΗΘΗ Ο ΠΡΟΕΔΡΟΣ ΤΗΣ ΒΟΥΛΗΣ ΤΟΥ ΚΟΥΒΕΪΤ

ΔΑΜΑΣΚΟΣ, 16. (Άσ. Πρές).— Ο πρόεδρος της Βουλής του Κουβέιτ υπέβαλε την παραίτησίν του.

ΔΑΜΑΣΚΟΣ, 16. (Άσ. Πρές).— Ο πρόεδρος της Βουλής του Κουβέιτ υπέβαλε την παραίτησίν του.

ΧΑΓΚΕΝ, Γερμανία, 16. (Άσ. Πρές).— Συνεκρούσθησαν δύο αμαξοστοιχίαι εντός του σιδηροδρομικού σταθμού της πόλεως. Δύο άτομα εφονεύθησαν και είκοσι ετραυματίσθησαν. Η αστυνομία διεξάγει ανακρίσεις.

ΒΙΕΝΝΗ, 16. (Ρώυτερ).— Ούγγροι επιστήμονες ανεκάλυψαν απολιθώματα χελώνης αγνώστου μέχρι σήμερον είδους. Τα ευρήματα μελετώνται εις το πανεπιστήμιον.

ΛΟΝΔΙΝΟΝ, 16. (Ρώυτερ).— Αγγλική εταιρεία θα ανεγείρει εργοστάσιον συναρμολογήσεως αυτοκινήτων εις την Σμύρνην. Το εργοστάσιον θα απασχολεί 500 εργάτας.

ΛΟΝΔΙΝΟΝ, 16. (Άσ. Πρές).— Η πριγκίπισσα Φεριάλ, θυγάτηρ του τέως βασιλέως Φαρούκ, θα υπανδρευθεί αεροπόρον παρά τας αντιρρήσεις του πατρός της.

ΒΕΛΙΓΡΑΔΙΟΝ, 16. (Τανγιούγκ).— Η κυβέρνησις μελετά την κατάργησιν των διαβατηρίων διά τους τουρίστας προερχομένους εκ γειτονικών χωρών.

ΧΑΡΤΟΥΜ, 16. (Ρώυτερ).— Νέα επεισόδια σημειώθησαν εις το νότιον Σουδάν. Ο στρατός εστάλη εις την περιοχήν διά την αποκατάστασιν της τάξεως.

Σελίς 5
Έρευνάται εισέτι ή υπόθεσις
Σήμερον ή άπολογία τών λαθρεμπόρων τού συναλλάγματος
ΟΙ ΙΣΧΥΡΙΣΜΟΙ ΤΩΝ ΠΕΡΙ «ΑΡΜΠΙΤΡΑΖ» ΕΡΧΟΝΤΑΙ ΕΙΣ ΑΝΤΙΦΑΣΙΝ ΜΕ ΤΑ ΣΤΟΙΧΕΙΑ ΤΗΣ ΑΣΤΥΝΟΜΙΑΣ ΠΕΡΙ ΔΙΕΘΝΟΥΣ ΔΙΚΤΥΟΥ.— ΠΑΡΕΜΠΟΔΙΣΘΗ ΥΠΑΛΛΗΛΟΣ

ΑΘΗΝΑΙ, 16.— Η υπόθεσις της λαθρεμπορίας συναλλάγματος ερευνάται εισέτι υπό των αρμοδίων αρχών. Σήμερον θα απολογηθούν οι κατηγορούμενοι ενώπιον του ανακριτού. Οι ισχυρισμοί τους περί «αρμπιτράζ» έρχονται εις αντίφασιν με τα στοιχεία της αστυνομίας τα οποία αποκαλύπτουν την ύπαρξιν διεθνούς δικτύου. Παρεμποδίσθη υπάλληλος τραπέζης κατά την προσπάθειαν μεταφοράς μεγάλου ποσού. Η ανάκρισις συνεχίζεται εντατικώς και αναμένονται νέαι αποκαλύψεις.

ΑΘΗΝΑΙ, 16.— Η υπόθεσις της λαθρεμπορίας συναλλάγματος ερευνάται εισέτι υπό των αρμοδίων αρχών. Σήμερον θα απολογηθούν οι κατηγορούμενοι ενώπιον του ανακριτού. Οι ισχυρισμοί τους περί «αρμπιτράζ» έρχονται εις αντίφασιν με τα στοιχεία της αστυνομίας τα οποία αποκαλύπτουν την ύπαρξιν διεθνούς δικτύου. Παρεμποδίσθη υπάλληλος τραπέζης κατά την προσπάθειαν μεταφοράς μεγάλου ποσού. Η ανάκρισις συνεχίζεται εντατικώς και αναμένονται νέαι αποκαλύψεις.

ΑΙ ΚΑΤΗΓΟΡΙΑΙ

Εις τους κατηγορουμένους αποδίδονται αι κατηγορίαι της παραβάσεως των διατάξεων περί συναλλάγματος και της συμμετοχής εις οργανωμένον κύκλωμα. Το ποσόν το οποίον διακινήθη υπερβαίνει τα 2.000.000 δραχμών.

ΤΙ ΛΕΓΕΙ Η ΣΥΖΥΓΟΣ

Η σύζυγος ενός εκ των κατηγορουμένων δήλωσεν ότι ο σύζυγός της είναι αθώος και ότι θα αποδείξει την αθωότητά του ενώπιον της δικαιοσύνης.

Εις τους κατηγορουμένους αποδίδονται αι κατηγορίαι της παραβάσεως των διατάξεων περί

Ώς άποζημίωσιν διά τάς έθνικοποιήσεις
Η αίγυπτιακή κυβέρνησις θά καταβάλη τά 65% τών έλληνικών περιουσιών
Έπετεύχθη είς τό Κάϊρον συμφωνία κατά τάς συνομιλίας τού κ. Μητσοτάκη

ΚΑΪΡΟΝ, 16. (Άθην. Πρ.).— Κατά τας συνομιλίας του υπουργού των Οικονομικών κ. Μητσοτάκη με τους αιγυπτίους αρμοδίους επετεύχθη συμφωνία διά την καταβολήν αποζημιώσεως ίσης προς το 65% της αξίας των εθνικοποιηθεισών ελληνικών περιουσιών. Η συμφωνία θα υπογραφεί εντός των προσεχών ημερών.

ΚΑΪΡΟΝ, 16. (Άθην. Πρ.).— Κατά τας συνομιλίας του υπουργού των Οικονομικών κ. Μητσοτάκη με τους αιγυπτίους αρμοδίους επετεύχθη συμφωνία διά την καταβολήν αποζημιώσεως ίσης προς το 65% της αξίας των εθνικοποιηθεισών ελληνικών περιουσιών. Η συμφωνία θα υπογραφεί εντός των προσεχών ημερών.

ΕΙΣ ΑΛΕΞΑΝΔΡΕΙΑΝ

Ο κ. Μητσοτάκης θα μεταβεί αύριον εις Αλεξάνδρειαν όπου θα συναντηθεί με εκπροσώπους της ελληνικής παροικίας.

ΕΠΙΣΤΡΕΦΕΙ ΣΗΜΕΡΟΝ

ΑΘΗΝΑΙ, 16.— Ο υπουργός των Οικονομικών επιστρέφει σήμερον εις Αθήνας.

ΚΑΪΡΟΝ, 16. (Άθην. Πρ.).— Κατά τας συνομιλίας του υπουργού των Οικονομικών κ. Μητσοτάκη με τους αιγυπτίους αρμοδίους επετεύχθη συμφωνία διά την καταβολήν αποζημιώσεως ίσης προς το 65% της αξίας των εθνικοποιηθεισών ελληνικών

Ώς άνεκοίνωσε τό Στέιτ Ντηπάρτμεντ
Μικράς στρατιωτικής σημασίας θεωρεί ή Ουάσιγκτων τήν προσεχή δοκιμήν τής Κίνας
Αρνείται όμως νά άποκαλύψη τήν πηγήν τών πληροφοριών της

ΟΥΑΣΙΓΚΤΩΝ, 16. (Άσ. Πρές).— Ο εκπρόσωπος του Στέιτ Ντηπάρτμεντ δήλωσεν ότι η προσεχής πυρηνική δοκιμή της Κίνας θεωρείται μικράς στρατιωτικής σημασίας. Ηρνήθη όμως να αποκαλύψει την πηγήν των πληροφοριών του.

ΟΥΑΣΙΓΚΤΩΝ, 16. (Άσ. Πρές).— Ο εκπρόσωπος του Στέιτ Ντηπάρτμεντ δήλωσεν ότι η προσεχής πυρηνική δοκιμή της Κίνας θεωρείται μικράς στρατιωτικής σημασίας. Ηρνήθη όμως να αποκαλύψει την πηγήν των πληροφοριών του.

ΕΚΘΕΣΙΣ ΜΑΚ ΝΑΜΑΡΑ

Ο κ. Μακναμάρα θα υποβάλει έκθεσιν εις το Κογκρέσσον περί της στρατιωτικής καταστάσεως.

ΟΥΑΣΙΓΚΤΩΝ, 16. (Άσ. Πρές).— Ο εκπρόσωπος του Στέιτ Ντηπάρτμεντ δήλωσεν ότι η προσεχής πυρηνική δοκιμή της Κίνας θεωρείται μικράς στρατιωτικής σημασίας. Ηρνήθη όμως να αποκαλύψει την πηγήν των πληροφοριών του.

Ο κ. Μακναμάρα θα υποβάλει έκθεσιν εις το Κογκρέσσον περί της στρατιωτικής καταστάσεως.

ΟΥΑΣΙΓΚΤΩΝ, 16. (Άσ. Πρές).— Ο εκπρόσωπος του Στέιτ Ντηπάρτμεντ δήλωσεν ότι η προσεχής πυρηνική δοκιμή της Κίνας θεωρείται μικράς στρατιωτικής σημασίας. Ηρνήθη όμως να αποκαλύψει την πηγήν των πληροφοριών του.

Συνήλθεν ή άρμοδία έπιτροπή
Καλλιτεχνικαί έκδηλώσεις έπί διεθνούς έπιπέδου είς τό «Παλαί ντέ Σπόρ»
ΜΕΧΡΙ ΤΟΥ ΑΥΓΟΥΣΤΟΥ ΘΑ ΕΙΝΑΙ ΕΤΟΙΜΟΝ ΤΟ ΚΤΙΡΙΟΝ.— ΔΙΕΘΝΕΙΣ ΑΓΩΝΕΣ ΣΥΝΤΡΟΦΗΣ ΚΡΟΤΗΜΑΤΑ ΠΑΓΟΔΡΟΜΙΩΝ, ΤΣΙΡΚΟ ΚΑΙ Η ΠΡΩΤΑΘΛΗΤΡΙΑ ΟΜΑΣ ΓΥΜΝΑΣΤΙΚΗΣ

Χάρις εις τας προσπαθείας του υπουργείου, θα πραγματοποιηθούν καλλιτεχνικαί εκδηλώσεις διεθνούς επιπέδου εις το νέον κλειστόν γυμναστήριον «Παλαί ντε Σπορ». Το κτίριον θα είναι έτοιμον μέχρι του Αυγούστου. Εις το πρόγραμμα περιλαμβάνονται διεθνείς αγώνες, επιδείξεις παγοδρομιών, τσίρκο και η πρωταθλήτρια ομάς γυμναστικής. Η αρμοδία επιτροπή συνήλθε χθες και εξήτασε τας λεπτομερείας.

Χάρις εις τας προσπαθείας του υπουργείου, θα πραγματοποιηθούν καλλιτεχνικαί εκδηλώσεις διεθνούς επιπέδου εις το νέον κλειστόν γυμναστήριον «Παλαί ντε Σπορ». Το κτίριον θα είναι έτοιμον μέχρι του Αυγούστου. Εις το πρόγραμμα περιλαμβάνονται διεθνείς αγώνες, επιδείξεις παγοδρομιών, τσίρκο και η πρωταθλήτρια ομάς γυμναστικής. Η αρμοδία επιτροπή συνήλθε χθες και εξήτασε τας λεπτομερείας.

Χάρις εις τας προσπαθείας του υπουργείου, θα πραγματοποιηθούν καλλιτεχνικαί εκδηλώσεις διεθνούς επιπέδου εις το νέον κλειστόν γυμναστήριον «Παλαί ντε Σπορ». Το κτίριον θα είναι έτοιμον μέχρι του Αυγούστου. Εις το πρόγραμμα περιλαμβάνονται διεθνείς αγώνες, επιδείξεις παγοδρομιών, τσίρκο και η πρωταθλήτρια ομάς γυμναστικής. Η αρμοδία επιτροπή συνήλθε χθες και εξήτασε τας λεπτομερείας.

Χάρις εις τας προσπαθείας του υπουργείου, θα πραγματοποιηθούν καλλιτεχνικαί εκδηλώσεις διεθνούς επιπέδου εις το νέον κλειστόν γυμναστήριον «Παλαί ντε Σπορ». Το κτίριον θα είναι έτοιμον μέχρι του Αυγούστου. Εις το πρόγραμμα περιλαμβάνονται διεθνείς αγώνες, επιδείξεις παγοδρομιών, τσίρκο και η πρωταθλήτρια ομάς γυμναστικής. Η αρμοδία επιτροπή συνήλθε χθες και εξήτασε τας λεπτομερείας.
